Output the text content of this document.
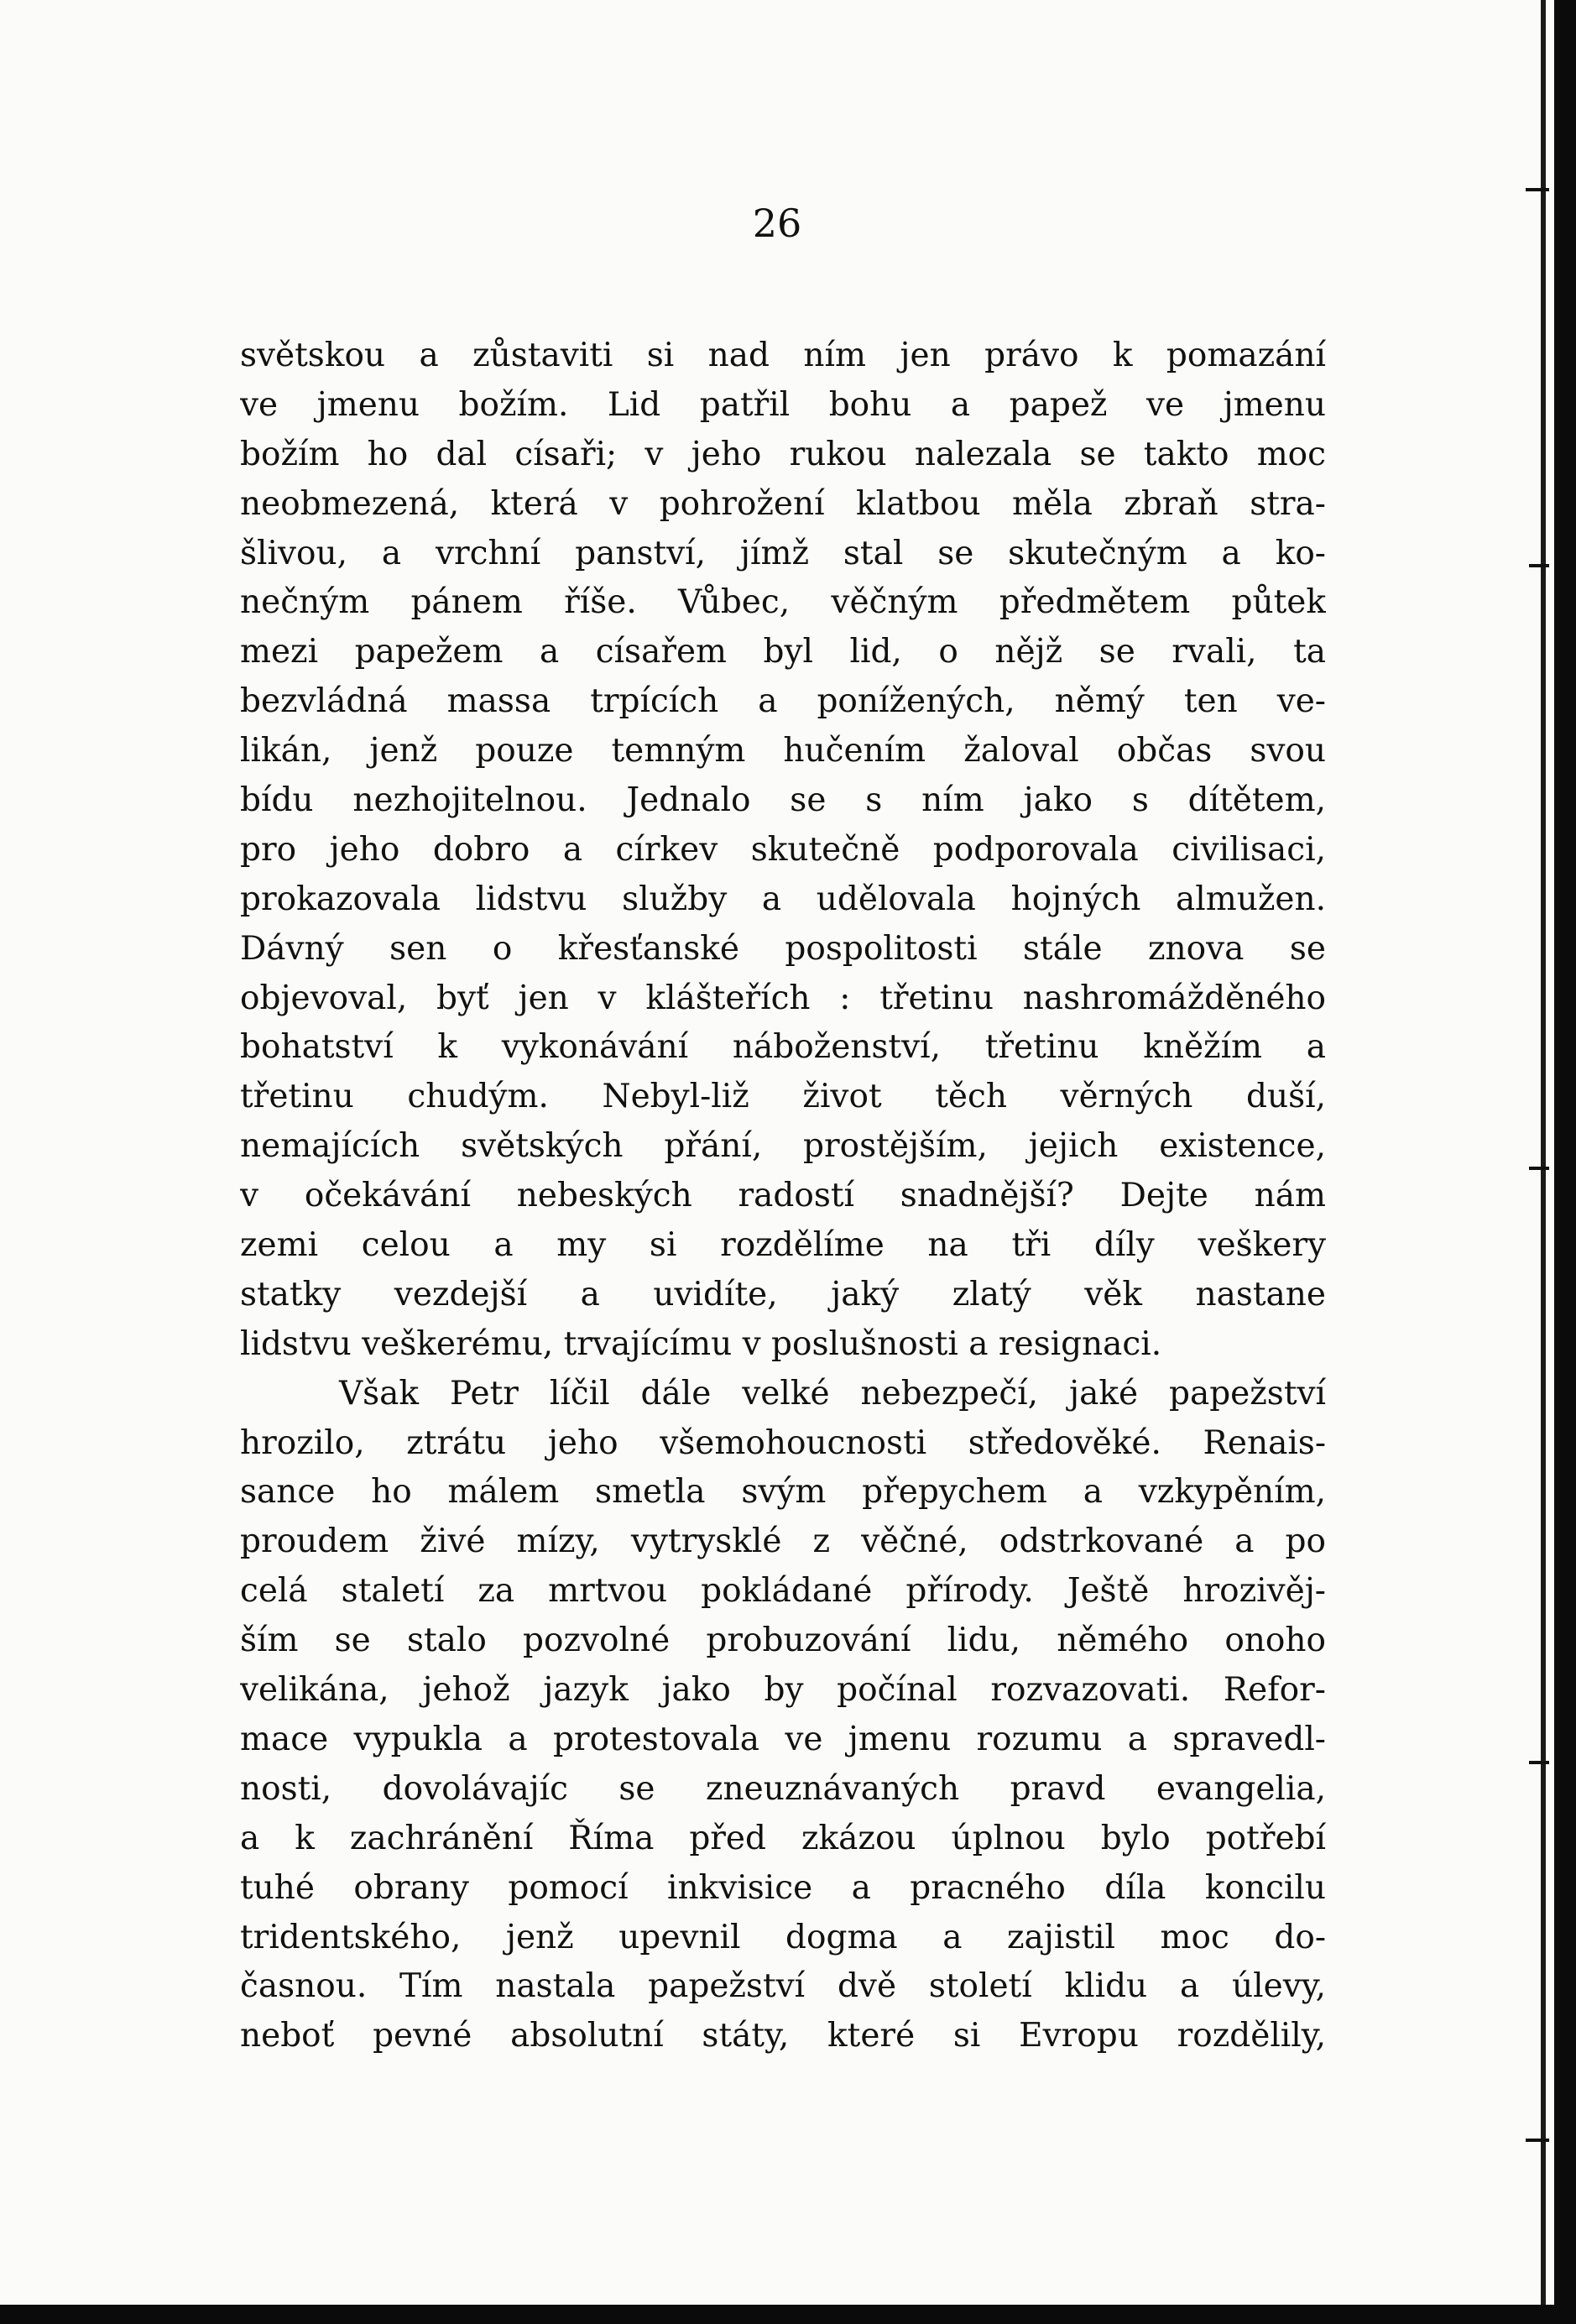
26
světskou a zůstaviti si nad ním jen právo k pomazání
ve jmenu božím. Lid patřil bohu a papež ve jmenu
božím ho dal císaři; v jeho rukou nalezala se takto moc
neobmezená, která v pohrožení klatbou měla zbraň stra-
šlivou, a vrchní panství, jímž stal se skutečným a ko-
nečným pánem říše. Vůbec, věčným předmětem půtek
mezi papežem a císařem byl lid, o nějž se rvali, ta
bezvládná massa trpících a ponížených, němý ten ve-
likán, jenž pouze temným hučením žaloval občas svou
bídu nezhojitelnou. Jednalo se s ním jako s dítětem,
pro jeho dobro a církev skutečně podporovala civilisaci,
prokazovala lidstvu služby a udělovala hojných almužen.
Dávný sen o křesťanské pospolitosti stále znova se
objevoval, byť jen v klášteřích : třetinu nashromážděného
bohatství k vykonávání náboženství, třetinu kněžím a
třetinu chudým. Nebyl-liž život těch věrných duší,
nemajících světských přání, prostějším, jejich existence,
v očekávání nebeských radostí snadnější? Dejte nám
zemi celou a my si rozdělíme na tři díly veškery
statky vezdejší a uvidíte, jaký zlatý věk nastane
lidstvu veškerému, trvajícímu v poslušnosti a resignaci.
Však Petr líčil dále velké nebezpečí, jaké papežství
hrozilo, ztrátu jeho všemohoucnosti středověké. Renais-
sance ho málem smetla svým přepychem a vzkypěním,
proudem živé mízy, vytrysklé z věčné, odstrkované a po
celá staletí za mrtvou pokládané přírody. Ještě hrozivěj-
ším se stalo pozvolné probuzování lidu, němého onoho
velikána, jehož jazyk jako by počínal rozvazovati. Refor-
mace vypukla a protestovala ve jmenu rozumu a spravedl-
nosti, dovolávajíc se zneuznávaných pravd evangelia,
a k zachránění Říma před zkázou úplnou bylo potřebí
tuhé obrany pomocí inkvisice a pracného díla koncilu
tridentského, jenž upevnil dogma a zajistil moc do-
časnou. Tím nastala papežství dvě století klidu a úlevy,
neboť pevné absolutní státy, které si Evropu rozdělily,
